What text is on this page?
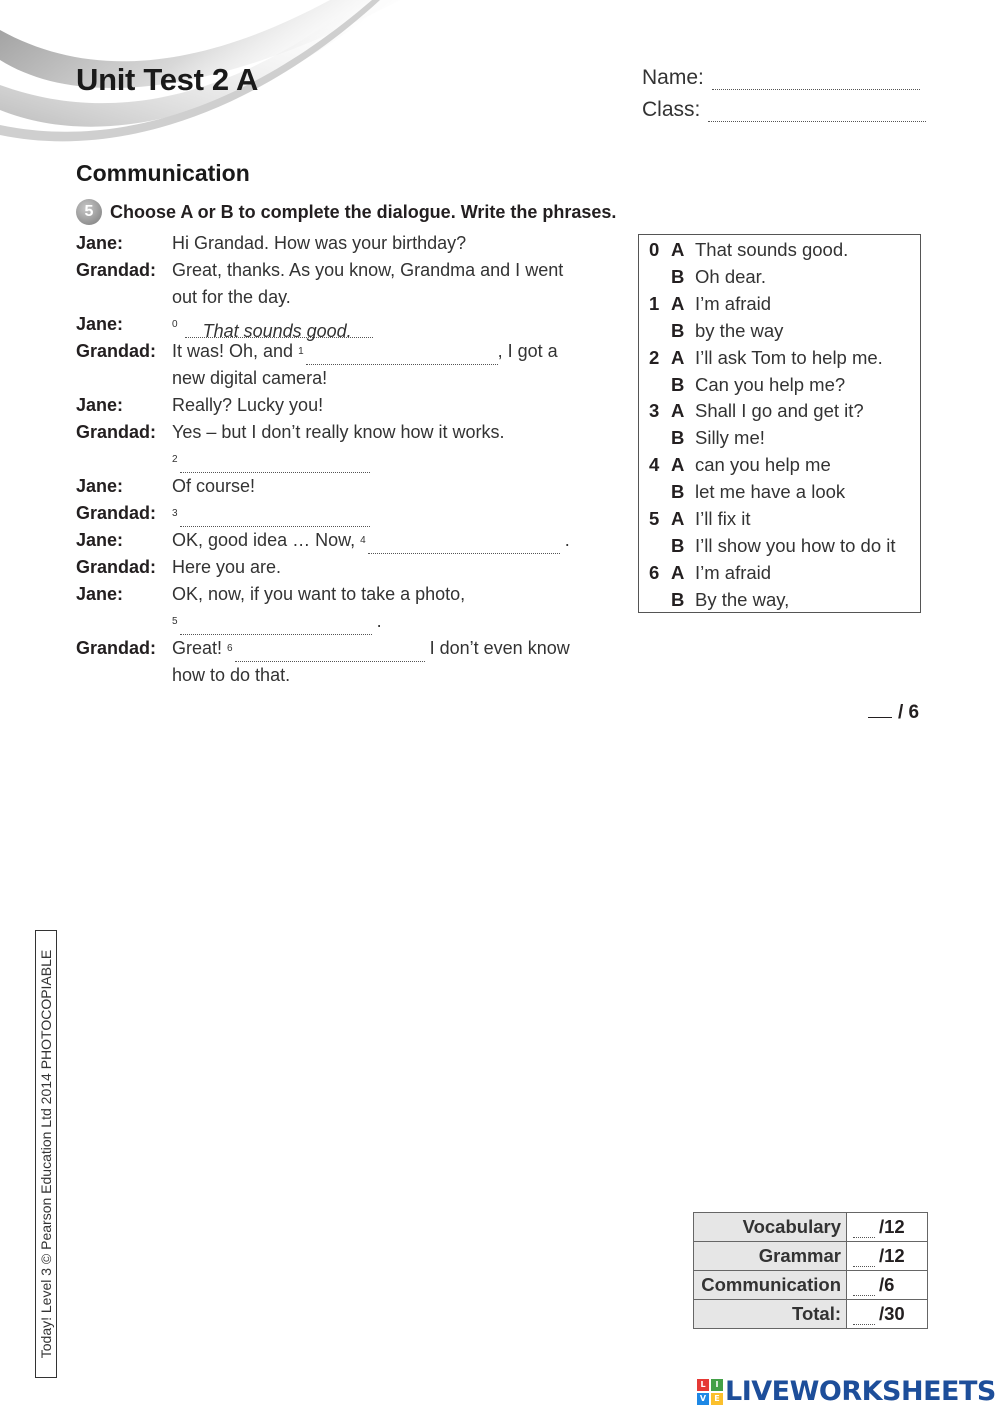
Unit Test 2 A	Name:
Class:
Communication
5 Choose A or B to complete the dialogue. Write the phrases.
Jane:	Hi Grandad. How was your birthday?
Grandad: Great, thanks. As you know, Grandma and I went
out for the day.
Jane:	$^0$ That sounds good.
Grandad: It was! Oh, and $^1$	, I got a
new digital camera!
Jane:	Really? Lucky you!
Grandad: Yes – but I don’t really know how it works.
$^2$
Jane:	Of course!
Grandad:	$^3$
Jane:	OK, good idea … Now, $^4$	.
Grandad: Here you are.
Jane:	OK, now, if you want to take a photo,
$^5$	.
Grandad: Great! $^6$	I don’t even know
how to do that.
0 A That sounds good.
B Oh dear.
1 A I’m afraid
B by the way
2 A I’ll ask Tom to help me.
B Can you help me?
3 A Shall I go and get it?
B Silly me!
4 A can you help me
B let me have a look
5 A I’ll fix it
B I’ll show you how to do it
6 A I’m afraid
B By the way,
/ 6
Today! Level 3 © Pearson Education Ltd 2014 PHOTOCOPIABLE	Vocabulary	/12
Grammar	/12
Communication	/6
Total:	/30
L	I
V	E LIVEWORKSHEETS
